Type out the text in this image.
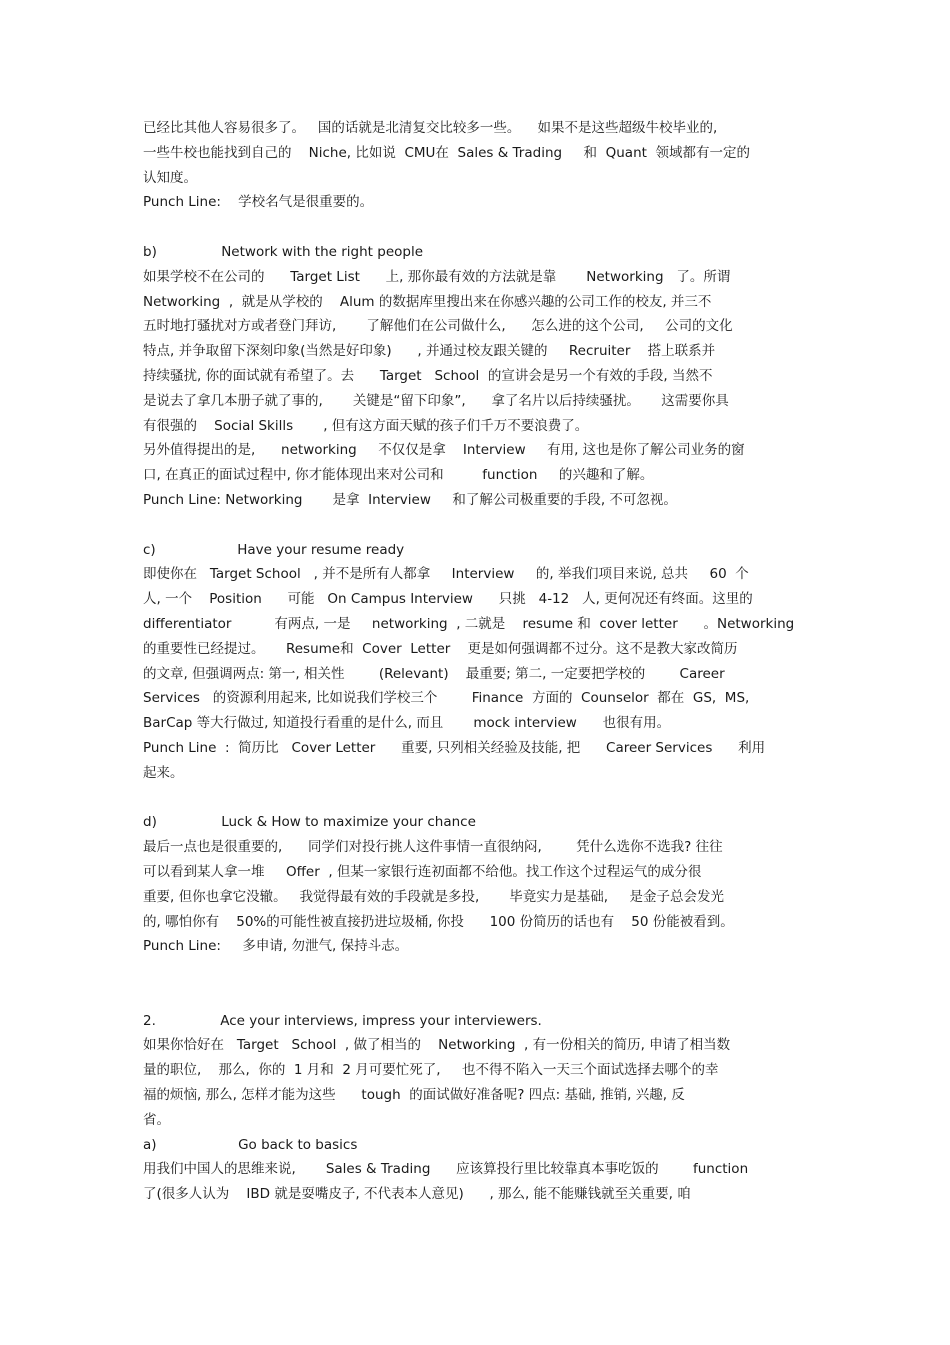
已经比其他人容易很多了。   国的话就是北清复交比较多一些。    如果不是这些超级牛校毕业的,
一些牛校也能找到自己的    Niche, 比如说  CMU在  Sales & Trading     和  Quant  领域都有一定的
认知度。
Punch Line:    学校名气是很重要的。
b)               Network with the right people
如果学校不在公司的      Target List      上, 那你最有效的方法就是靠       Networking   了。所谓
Networking  ,  就是从学校的    Alum 的数据库里搜出来在你感兴趣的公司工作的校友, 并三不
五时地打骚扰对方或者登门拜访,       了解他们在公司做什么,      怎么进的这个公司,     公司的文化
特点, 并争取留下深刻印象(当然是好印象)      , 并通过校友跟关键的     Recruiter    搭上联系并
持续骚扰, 你的面试就有希望了。去      Target   School  的宣讲会是另一个有效的手段, 当然不
是说去了拿几本册子就了事的,       关键是“留下印象”,      拿了名片以后持续骚扰。     这需要你具
有很强的    Social Skills       , 但有这方面天赋的孩子们千万不要浪费了。
另外值得提出的是,      networking     不仅仅是拿    Interview     有用, 这也是你了解公司业务的窗
口, 在真正的面试过程中, 你才能体现出来对公司和         function     的兴趣和了解。
Punch Line: Networking       是拿  Interview     和了解公司极重要的手段, 不可忽视。
c)                   Have your resume ready
即使你在   Target School   , 并不是所有人都拿     Interview     的, 举我们项目来说, 总共     60  个
人, 一个    Position      可能   On Campus Interview      只挑   4-12   人, 更何况还有终面。这里的
differentiator          有两点, 一是     networking  , 二就是    resume 和  cover letter      。Networking
的重要性已经提过。     Resume和  Cover  Letter    更是如何强调都不过分。这不是教大家改简历
的文章, 但强调两点: 第一, 相关性        (Relevant)    最重要; 第二, 一定要把学校的        Career
Services   的资源利用起来, 比如说我们学校三个        Finance  方面的  Counselor  都在  GS,  MS,
BarCap 等大行做过, 知道投行看重的是什么, 而且       mock interview      也很有用。
Punch Line  :  简历比   Cover Letter      重要, 只列相关经验及技能, 把      Career Services      利用
起来。
d)               Luck & How to maximize your chance
最后一点也是很重要的,      同学们对投行挑人这件事情一直很纳闷,        凭什么选你不选我? 往往
可以看到某人拿一堆     Offer  , 但某一家银行连初面都不给他。找工作这个过程运气的成分很
重要, 但你也拿它没辙。   我觉得最有效的手段就是多投,       毕竟实力是基础,     是金子总会发光
的, 哪怕你有    50%的可能性被直接扔进垃圾桶, 你投      100 份简历的话也有    50 份能被看到。
Punch Line:     多申请, 勿泄气, 保持斗志。
2.               Ace your interviews, impress your interviewers.
如果你恰好在   Target   School  , 做了相当的    Networking  , 有一份相关的简历, 申请了相当数
量的职位,    那么,  你的  1 月和  2 月可要忙死了,     也不得不陷入一天三个面试选择去哪个的幸
福的烦恼, 那么, 怎样才能为这些      tough  的面试做好准备呢? 四点: 基础, 推销, 兴趣, 反
省。
a)                   Go back to basics
用我们中国人的思维来说,       Sales & Trading      应该算投行里比较靠真本事吃饭的        function
了(很多人认为    IBD 就是耍嘴皮子, 不代表本人意见)      , 那么, 能不能赚钱就至关重要, 咱
